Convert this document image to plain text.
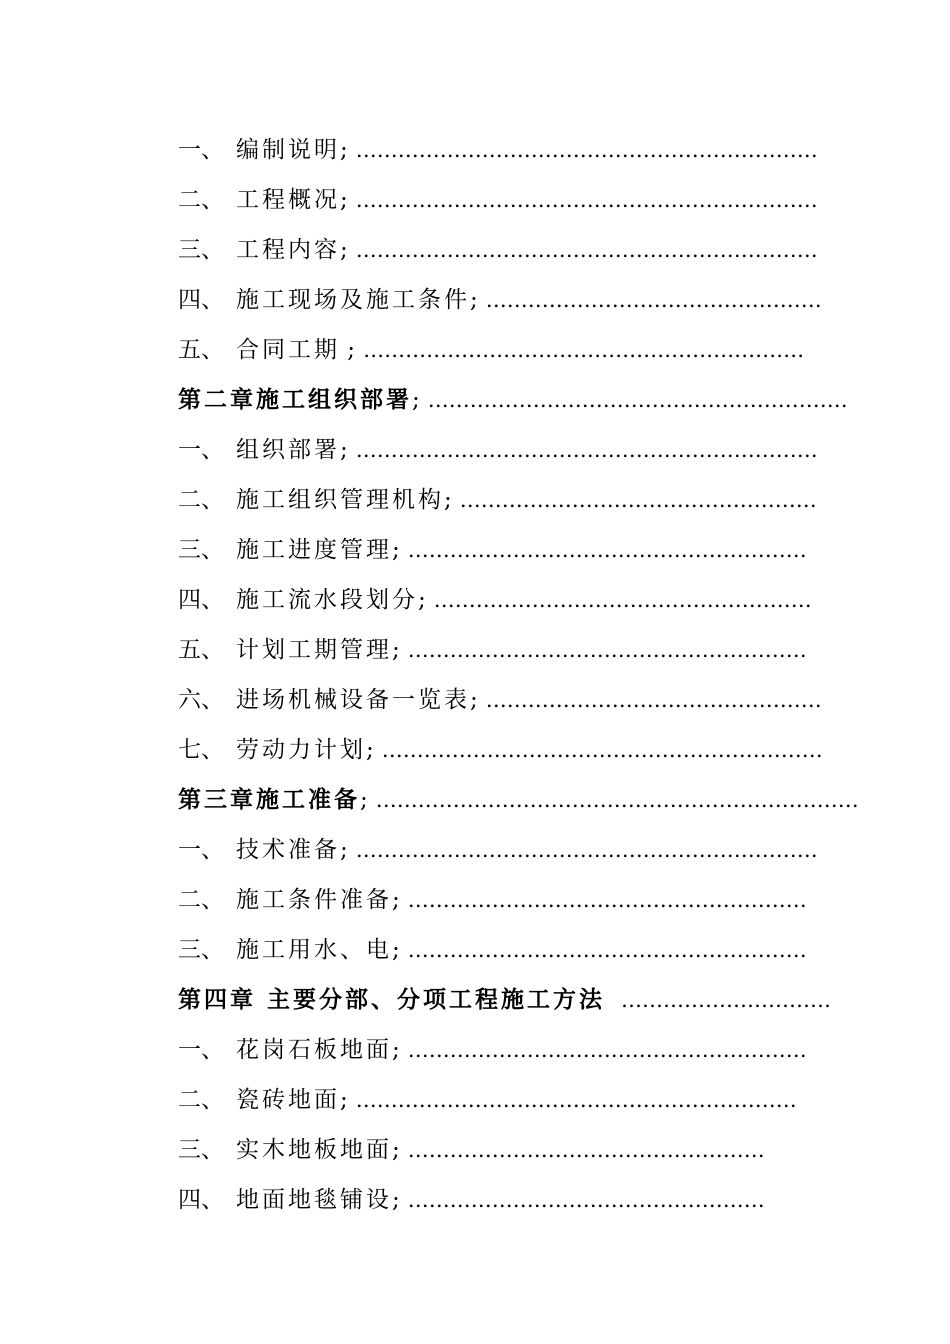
一、 编制说明; …………………………………………………………
二、 工程概况; …………………………………………………………
三、 工程内容; …………………………………………………………
四、 施工现场及施工条件; …………………………………………
五、 合同工期 ; ………………………………………………………
第二章施工组织部署; ……………………………………………………
一、 组织部署; …………………………………………………………
二、 施工组织管理机构; ……………………………………………
三、 施工进度管理; …………………………………………………
四、 施工流水段划分; ………………………………………………
五、 计划工期管理; …………………………………………………
六、 进场机械设备一览表; …………………………………………
七、 劳动力计划; ………………………………………………………
第三章施工准备; ……………………………………………………………
一、 技术准备; …………………………………………………………
二、 施工条件准备; …………………………………………………
三、 施工用水、电; …………………………………………………
第四章 主要分部、分项工程施工方法 …………………………
一、 花岗石板地面; …………………………………………………
二、 瓷砖地面; ………………………………………………………
三、 实木地板地面; ……………………………………………
四、 地面地毯铺设; ……………………………………………
